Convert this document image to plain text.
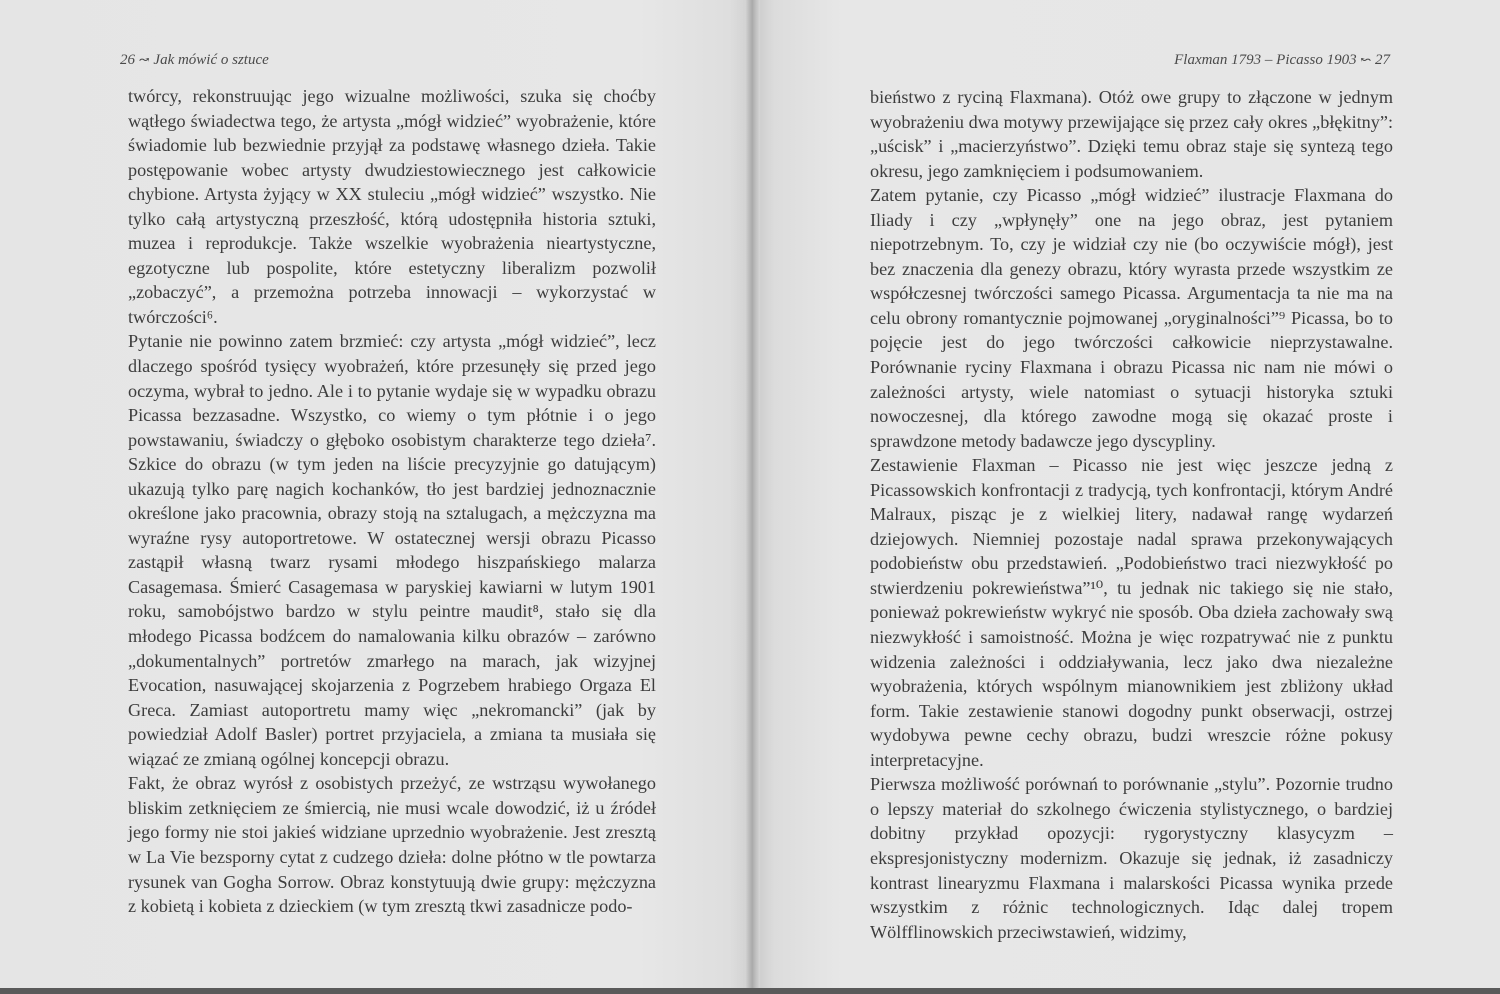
26 ↝ Jak mówić o sztuce

twórcy, rekonstruując jego wizualne możliwości, szuka się choćby wątłego świadectwa tego, że artysta „mógł widzieć” wyobrażenie, które świadomie lub bezwiednie przyjął za podstawę własnego dzieła. Takie postępowanie wobec artysty dwudziestowiecznego jest całkowicie chybione. Artysta żyjący w XX stuleciu „mógł widzieć” wszystko. Nie tylko całą artystyczną przeszłość, którą udostępniła historia sztuki, muzea i reprodukcje. Także wszelkie wyobrażenia nieartystyczne, egzotyczne lub pospolite, które estetyczny liberalizm pozwolił „zobaczyć”, a przemożna potrzeba innowacji – wykorzystać w twórczości⁶.

Pytanie nie powinno zatem brzmieć: czy artysta „mógł widzieć”, lecz dlaczego spośród tysięcy wyobrażeń, które przesunęły się przed jego oczyma, wybrał to jedno. Ale i to pytanie wydaje się w wypadku obrazu Picassa bezzasadne. Wszystko, co wiemy o tym płótnie i o jego powstawaniu, świadczy o głęboko osobistym charakterze tego dzieła⁷. Szkice do obrazu (w tym jeden na liście precyzyjnie go datującym) ukazują tylko parę nagich kochanków, tło jest bardziej jednoznacznie określone jako pracownia, obrazy stoją na sztalugach, a mężczyzna ma wyraźne rysy autoportretowe. W ostatecznej wersji obrazu Picasso zastąpił własną twarz rysami młodego hiszpańskiego malarza Casagemasa. Śmierć Casagemasa w paryskiej kawiarni w lutym 1901 roku, samobójstwo bardzo w stylu peintre maudit⁸, stało się dla młodego Picassa bodźcem do namalowania kilku obrazów – zarówno „dokumentalnych” portretów zmarłego na marach, jak wizyjnej Evocation, nasuwającej skojarzenia z Pogrzebem hrabiego Orgaza El Greca. Zamiast autoportretu mamy więc „nekromancki” (jak by powiedział Adolf Basler) portret przyjaciela, a zmiana ta musiała się wiązać ze zmianą ogólnej koncepcji obrazu.

Fakt, że obraz wyrósł z osobistych przeżyć, ze wstrząsu wywołanego bliskim zetknięciem ze śmiercią, nie musi wcale dowodzić, iż u źródeł jego formy nie stoi jakieś widziane uprzednio wyobrażenie. Jest zresztą w La Vie bezsporny cytat z cudzego dzieła: dolne płótno w tle powtarza rysunek van Gogha Sorrow. Obraz konstytuują dwie grupy: mężczyzna z kobietą i kobieta z dzieckiem (w tym zresztą tkwi zasadnicze podo-

Flaxman 1793 – Picasso 1903 ↜ 27

bieństwo z ryciną Flaxmana). Otóż owe grupy to złączone w jednym wyobrażeniu dwa motywy przewijające się przez cały okres „błękitny”: „uścisk” i „macierzyństwo”. Dzięki temu obraz staje się syntezą tego okresu, jego zamknięciem i podsumowaniem.

Zatem pytanie, czy Picasso „mógł widzieć” ilustracje Flaxmana do Iliady i czy „wpłynęły” one na jego obraz, jest pytaniem niepotrzebnym. To, czy je widział czy nie (bo oczywiście mógł), jest bez znaczenia dla genezy obrazu, który wyrasta przede wszystkim ze współczesnej twórczości samego Picassa. Argumentacja ta nie ma na celu obrony romantycznie pojmowanej „oryginalności”⁹ Picassa, bo to pojęcie jest do jego twórczości całkowicie nieprzystawalne. Porównanie ryciny Flaxmana i obrazu Picassa nic nam nie mówi o zależności artysty, wiele natomiast o sytuacji historyka sztuki nowoczesnej, dla którego zawodne mogą się okazać proste i sprawdzone metody badawcze jego dyscypliny.

Zestawienie Flaxman – Picasso nie jest więc jeszcze jedną z Picassowskich konfrontacji z tradycją, tych konfrontacji, którym André Malraux, pisząc je z wielkiej litery, nadawał rangę wydarzeń dziejowych. Niemniej pozostaje nadal sprawa przekonywających podobieństw obu przedstawień. „Podobieństwo traci niezwykłość po stwierdzeniu pokrewieństwa”¹⁰, tu jednak nic takiego się nie stało, ponieważ pokrewieństw wykryć nie sposób. Oba dzieła zachowały swą niezwykłość i samoistność. Można je więc rozpatrywać nie z punktu widzenia zależności i oddziaływania, lecz jako dwa niezależne wyobrażenia, których wspólnym mianownikiem jest zbliżony układ form. Takie zestawienie stanowi dogodny punkt obserwacji, ostrzej wydobywa pewne cechy obrazu, budzi wreszcie różne pokusy interpretacyjne.

Pierwsza możliwość porównań to porównanie „stylu”. Pozornie trudno o lepszy materiał do szkolnego ćwiczenia stylistycznego, o bardziej dobitny przykład opozycji: rygorystyczny klasycyzm – ekspresjonistyczny modernizm. Okazuje się jednak, iż zasadniczy kontrast linearyzmu Flaxmana i malarskości Picassa wynika przede wszystkim z różnic technologicznych. Idąc dalej tropem Wölfflinowskich przeciwstawień, widzimy,
